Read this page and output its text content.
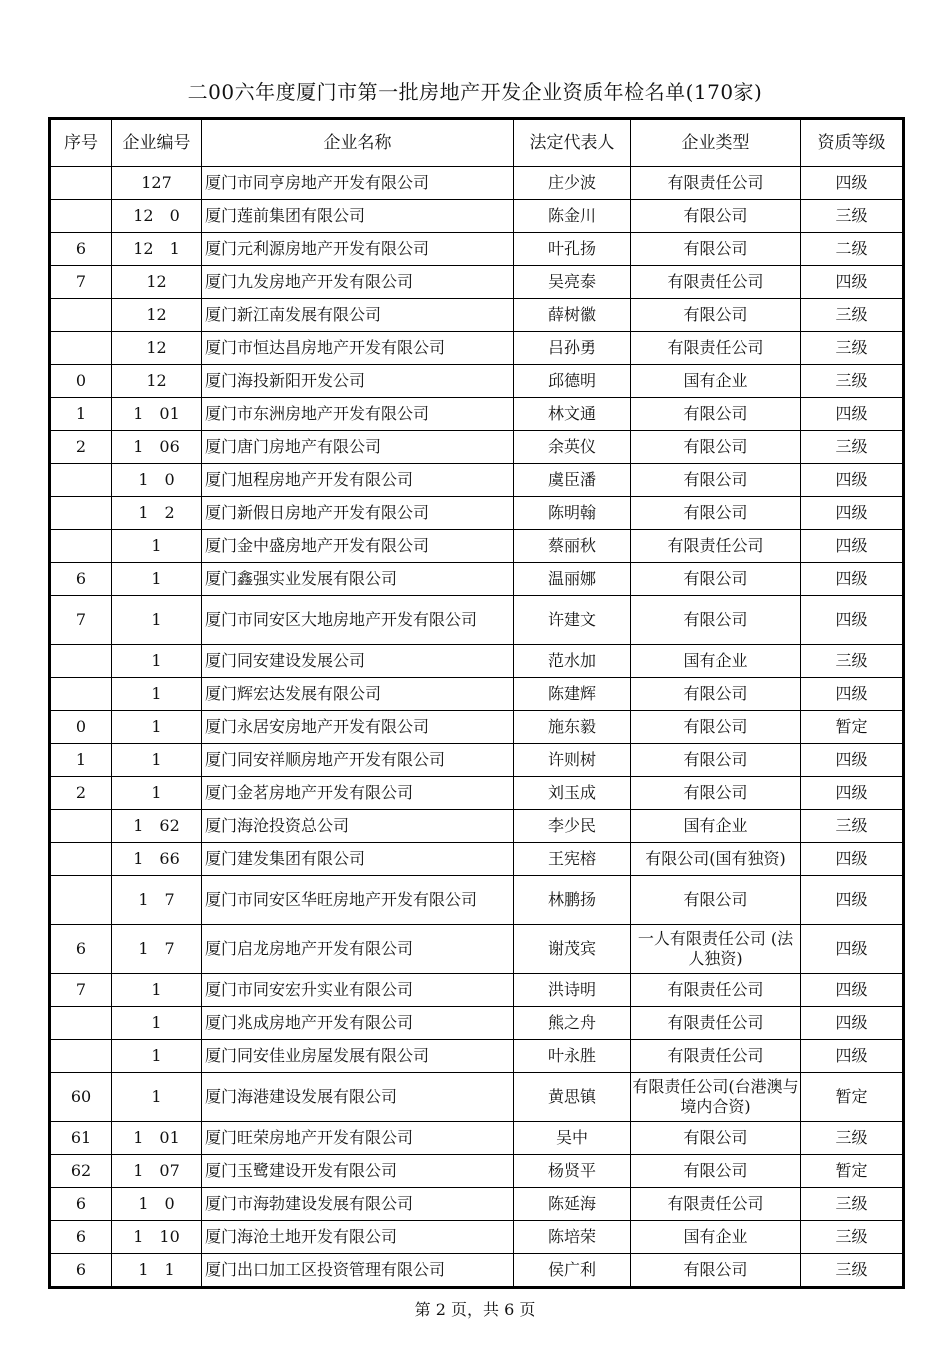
二00六年度厦门市第一批房地产开发企业资质年检名单(170家)
序号	企业编号	企业名称	法定代表人	企业类型	资质等级
	127	厦门市同亨房地产开发有限公司	庄少波	有限责任公司	四级
	12　0	厦门莲前集团有限公司	陈金川	有限公司	三级
6	12　1	厦门元利源房地产开发有限公司	叶孔扬	有限公司	二级
7	12	厦门九发房地产开发有限公司	吴亮泰	有限责任公司	四级
	12	厦门新江南发展有限公司	薛树徽	有限公司	三级
	12	厦门市恒达昌房地产开发有限公司	吕孙勇	有限责任公司	三级
0	12	厦门海投新阳开发公司	邱德明	国有企业	三级
1	1　01	厦门市东洲房地产开发有限公司	林文通	有限公司	四级
2	1　06	厦门唐门房地产有限公司	余英仪	有限公司	三级
	1　0	厦门旭程房地产开发有限公司	虞臣潘	有限公司	四级
	1　2	厦门新假日房地产开发有限公司	陈明翰	有限公司	四级
	1	厦门金中盛房地产开发有限公司	蔡丽秋	有限责任公司	四级
6	1	厦门鑫强实业发展有限公司	温丽娜	有限公司	四级
7	1	厦门市同安区大地房地产开发有限公司	许建文	有限公司	四级
	1	厦门同安建设发展公司	范水加	国有企业	三级
	1	厦门辉宏达发展有限公司	陈建辉	有限公司	四级
0	1	厦门永居安房地产开发有限公司	施东毅	有限公司	暂定
1	1	厦门同安祥顺房地产开发有限公司	许则树	有限公司	四级
2	1	厦门金茗房地产开发有限公司	刘玉成	有限公司	四级
	1　62	厦门海沧投资总公司	李少民	国有企业	三级
	1　66	厦门建发集团有限公司	王宪榕	有限公司(国有独资)	四级
	1　7	厦门市同安区华旺房地产开发有限公司	林鹏扬	有限公司	四级
6	1　7	厦门启龙房地产开发有限公司	谢茂宾	一人有限责任公司 (法人独资)	四级
7	1	厦门市同安宏升实业有限公司	洪诗明	有限责任公司	四级
	1	厦门兆成房地产开发有限公司	熊之舟	有限责任公司	四级
	1	厦门同安佳业房屋发展有限公司	叶永胜	有限责任公司	四级
60	1	厦门海港建设发展有限公司	黄思镇	有限责任公司(台港澳与境内合资)	暂定
61	1　01	厦门旺荣房地产开发有限公司	吴中	有限公司	三级
62	1　07	厦门玉鹭建设开发有限公司	杨贤平	有限公司	暂定
6	1　0	厦门市海勃建设发展有限公司	陈延海	有限责任公司	三级
6	1　10	厦门海沧土地开发有限公司	陈培荣	国有企业	三级
6	1　1	厦门出口加工区投资管理有限公司	侯广利	有限公司	三级
第 2 页，共 6 页
